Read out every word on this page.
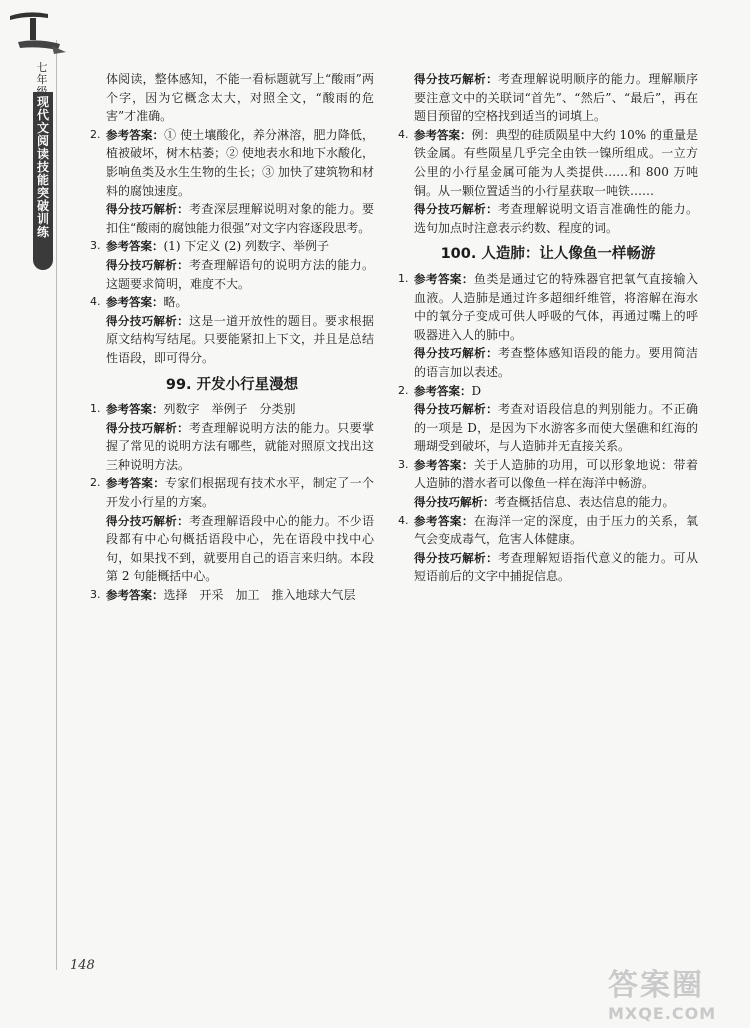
七年
现代文阅读技能突破训练

体阅读，整体感知，不能一看标题就写上“酸雨”两个字，因为它概念太大，对照全文，“酸雨的危害”才准确。

2. 参考答案：① 使土壤酸化，养分淋溶，肥力降低，植被破坏，树木枯萎；② 使地表水和地下水酸化，影响鱼类及水生生物的生长；③ 加快了建筑物和材料的腐蚀速度。

得分技巧解析：考查深层理解说明对象的能力。要扣住“酸雨的腐蚀能力很强”对文字内容逐段思考。

3. 参考答案：(1) 下定义 (2) 列数字、举例子

得分技巧解析：考查理解语句的说明方法的能力。这题要求简明，难度不大。

4. 参考答案：略。

得分技巧解析：这是一道开放性的题目。要求根据原文结构写结尾。只要能紧扣上下文，并且是总结性语段，即可得分。

99. 开发小行星漫想
1. 参考答案：列数字　举例子　分类别

得分技巧解析：考查理解说明方法的能力。只要掌握了常见的说明方法有哪些，就能对照原文找出这三种说明方法。

2. 参考答案：专家们根据现有技术水平，制定了一个开发小行星的方案。

得分技巧解析：考查理解语段中心的能力。不少语段都有中心句概括语段中心，先在语段中找中心句，如果找不到，就要用自己的语言来归纳。本段第 2 句能概括中心。

3. 参考答案：选择　开采　加工　推入地球大气层

得分技巧解析：考查理解说明顺序的能力。理解顺序要注意文中的关联词“首先”、“然后”、“最后”，再在题目预留的空格找到适当的词填上。

4. 参考答案：例：典型的硅质陨星中大约 10% 的重量是铁金属。有些陨星几乎完全由铁一镍所组成。一立方公里的小行星金属可能为人类提供……和 800 万吨铜。从一颗位置适当的小行星获取一吨铁……

得分技巧解析：考查理解说明文语言准确性的能力。选句加点时注意表示约数、程度的词。

100. 人造肺：让人像鱼一样畅游
1. 参考答案：鱼类是通过它的特殊器官把氧气直接输入血液。人造肺是通过许多超细纤维管，将溶解在海水中的氧分子变成可供人呼吸的气体，再通过嘴上的呼吸器进入人的肺中。

得分技巧解析：考查整体感知语段的能力。要用简洁的语言加以表述。

2. 参考答案：D

得分技巧解析：考查对语段信息的判别能力。不正确的一项是 D，是因为下水游客多而使大堡礁和红海的珊瑚受到破坏，与人造肺并无直接关系。

3. 参考答案：关于人造肺的功用，可以形象地说：带着人造肺的潜水者可以像鱼一样在海洋中畅游。

得分技巧解析：考查概括信息、表达信息的能力。

4. 参考答案：在海洋一定的深度，由于压力的关系，氧气会变成毒气，危害人体健康。

得分技巧解析：考查理解短语指代意义的能力。可从短语前后的文字中捕捉信息。

148
答案圈
MXQE.COM
